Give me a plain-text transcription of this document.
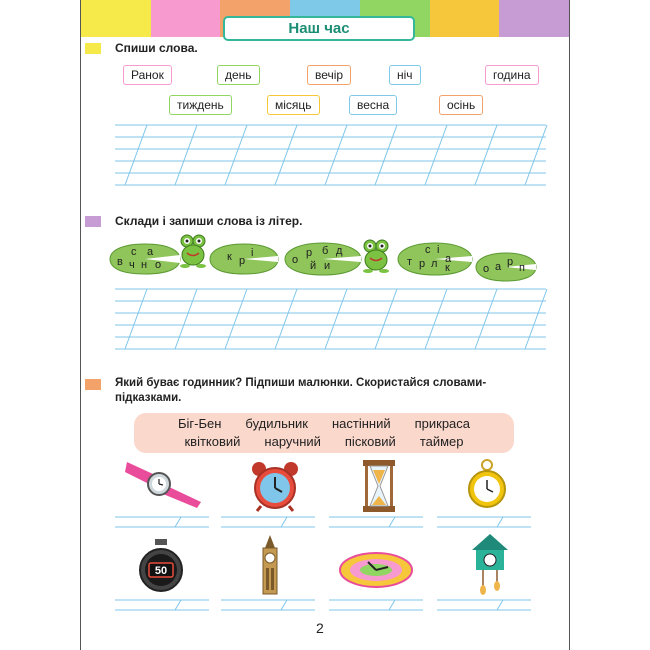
Наш час
Спиши слова.
Ранок	день	вечір	ніч	година
тиждень	місяць	весна	осінь
Склади і запиши слова із літер.
в
с а
ч н о
к р
і
о
р б д
й и
с і
т р л а
к	о а р п
Який буває годинник? Підпиши малюнки. Скористайся словами-
підказками.
Біг-Бен будильник настінний прикраса
квітковий наручний пісковий таймер
50
2
